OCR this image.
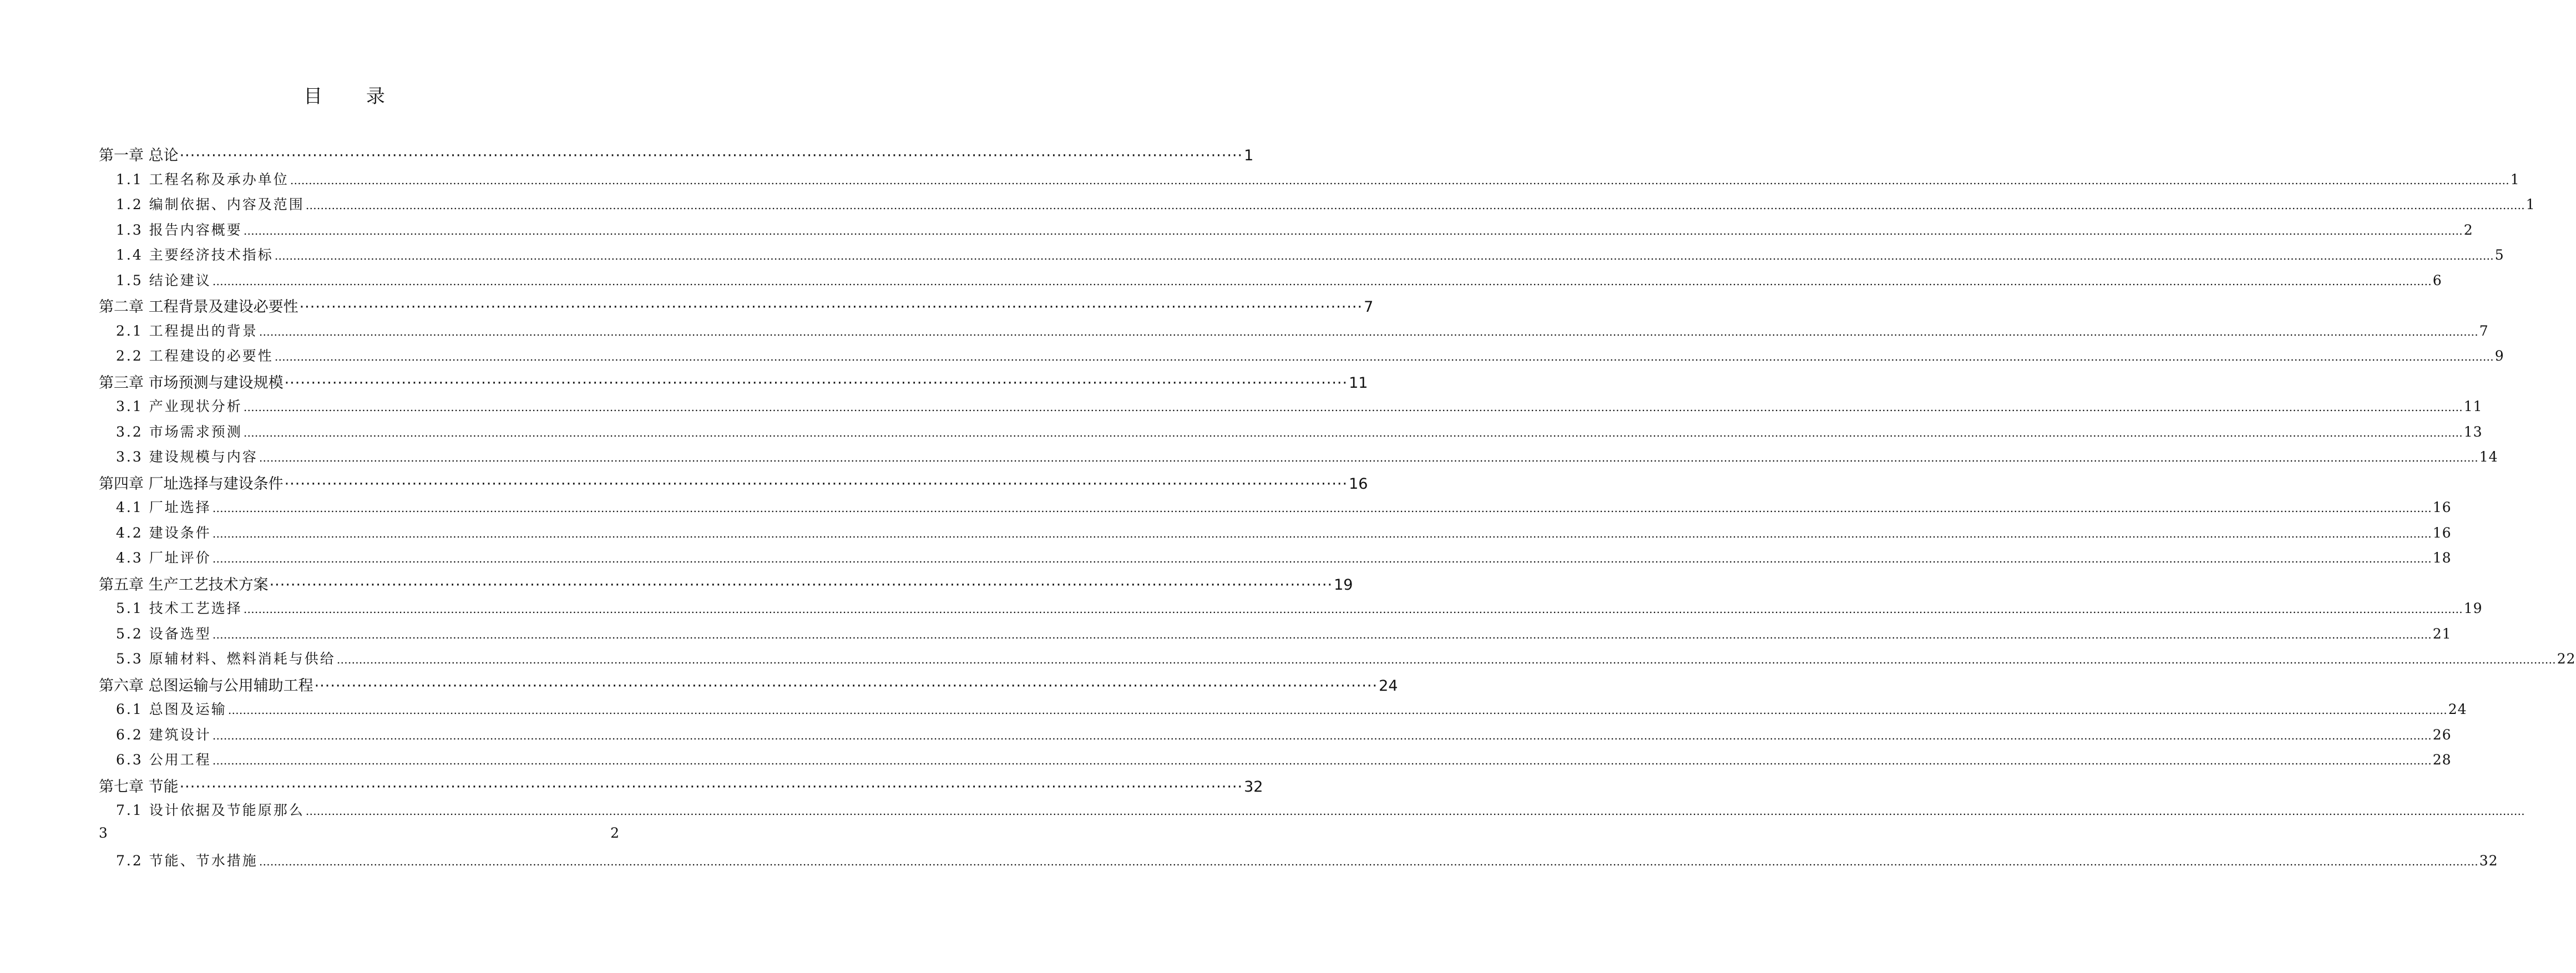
目 录
第一章 总论 ········································································································································································································ 1
1.1 工程名称及承办单位 …………………………………………………………………………………………………………………………………………………………………………………………………………………………………………………………………………………………………………………………………………………………………………………………………………………………………………………………………………………………………………………………………………………… 1
1.2 编制依据、内容及范围 …………………………………………………………………………………………………………………………………………………………………………………………………………………………………………………………………………………………………………………………………………………………………………………………………………………………………………………………………………………………………………………………………………………… 1
1.3 报告内容概要 …………………………………………………………………………………………………………………………………………………………………………………………………………………………………………………………………………………………………………………………………………………………………………………………………………………………………………………………………………………………………………………………………………………… 2
1.4 主要经济技术指标 …………………………………………………………………………………………………………………………………………………………………………………………………………………………………………………………………………………………………………………………………………………………………………………………………………………………………………………………………………………………………………………………………………………… 5
1.5 结论建议 …………………………………………………………………………………………………………………………………………………………………………………………………………………………………………………………………………………………………………………………………………………………………………………………………………………………………………………………………………………………………………………………………………………… 6
第二章 工程背景及建设必要性 ········································································································································································································ 7
2.1 工程提出的背景 …………………………………………………………………………………………………………………………………………………………………………………………………………………………………………………………………………………………………………………………………………………………………………………………………………………………………………………………………………………………………………………………………………………… 7
2.2 工程建设的必要性 …………………………………………………………………………………………………………………………………………………………………………………………………………………………………………………………………………………………………………………………………………………………………………………………………………………………………………………………………………………………………………………………………………………… 9
第三章 市场预测与建设规模 ········································································································································································································ 11
3.1 产业现状分析 …………………………………………………………………………………………………………………………………………………………………………………………………………………………………………………………………………………………………………………………………………………………………………………………………………………………………………………………………………………………………………………………………………………… 11
3.2 市场需求预测 …………………………………………………………………………………………………………………………………………………………………………………………………………………………………………………………………………………………………………………………………………………………………………………………………………………………………………………………………………………………………………………………………………………… 13
3.3 建设规模与内容 …………………………………………………………………………………………………………………………………………………………………………………………………………………………………………………………………………………………………………………………………………………………………………………………………………………………………………………………………………………………………………………………………………………… 14
第四章 厂址选择与建设条件 ········································································································································································································ 16
4.1 厂址选择 …………………………………………………………………………………………………………………………………………………………………………………………………………………………………………………………………………………………………………………………………………………………………………………………………………………………………………………………………………………………………………………………………………………… 16
4.2 建设条件 …………………………………………………………………………………………………………………………………………………………………………………………………………………………………………………………………………………………………………………………………………………………………………………………………………………………………………………………………………………………………………………………………………………… 16
4.3 厂址评价 …………………………………………………………………………………………………………………………………………………………………………………………………………………………………………………………………………………………………………………………………………………………………………………………………………………………………………………………………………………………………………………………………………………… 18
第五章 生产工艺技术方案 ········································································································································································································ 19
5.1 技术工艺选择 …………………………………………………………………………………………………………………………………………………………………………………………………………………………………………………………………………………………………………………………………………………………………………………………………………………………………………………………………………………………………………………………………………………… 19
5.2 设备选型 …………………………………………………………………………………………………………………………………………………………………………………………………………………………………………………………………………………………………………………………………………………………………………………………………………………………………………………………………………………………………………………………………………………… 21
5.3 原辅材料、燃料消耗与供给 …………………………………………………………………………………………………………………………………………………………………………………………………………………………………………………………………………………………………………………………………………………………………………………………………………………………………………………………………………………………………………………………………………………… 22
第六章 总图运输与公用辅助工程 ········································································································································································································ 24
6.1 总图及运输 …………………………………………………………………………………………………………………………………………………………………………………………………………………………………………………………………………………………………………………………………………………………………………………………………………………………………………………………………………………………………………………………………………………… 24
6.2 建筑设计 …………………………………………………………………………………………………………………………………………………………………………………………………………………………………………………………………………………………………………………………………………………………………………………………………………………………………………………………………………………………………………………………………………………… 26
6.3 公用工程 …………………………………………………………………………………………………………………………………………………………………………………………………………………………………………………………………………………………………………………………………………………………………………………………………………………………………………………………………………………………………………………………………………………… 28
第七章 节能 ········································································································································································································ 32
7.1 设计依据及节能原那么 ……………………………………………………………………………………………………………………………………………………………………………………………………………………………………………………………………………………………………………………………………………………………………………………………………………………………………………………………………………………………………………………………………………………
3	2
7.2 节能、节水措施 …………………………………………………………………………………………………………………………………………………………………………………………………………………………………………………………………………………………………………………………………………………………………………………………………………………………………………………………………………………………………………………………………………………… 32
